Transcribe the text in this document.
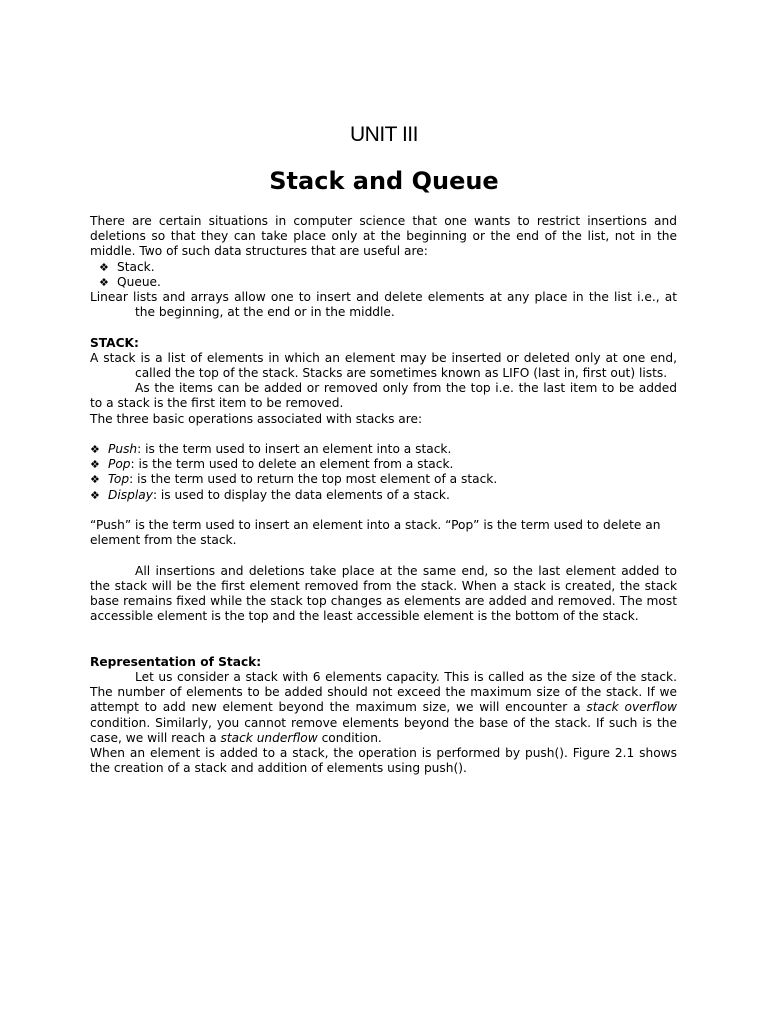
UNIT III
Stack and Queue

There are certain situations in computer science that one wants to restrict insertions and deletions so that they can take place only at the beginning or the end of the list, not in the middle. Two of such data structures that are useful are:

❖ Stack.
❖ Queue.

Linear lists and arrays allow one to insert and delete elements at any place in the list i.e., at the beginning, at the end or in the middle.

STACK:

A stack is a list of elements in which an element may be inserted or deleted only at one end, called the top of the stack. Stacks are sometimes known as LIFO (last in, first out) lists.

As the items can be added or removed only from the top i.e. the last item to be added to a stack is the first item to be removed.

The three basic operations associated with stacks are:

❖ Push: is the term used to insert an element into a stack.
❖ Pop: is the term used to delete an element from a stack.
❖ Top: is the term used to return the top most element of a stack.
❖ Display: is used to display the data elements of a stack.

“Push” is the term used to insert an element into a stack. “Pop” is the term used to delete an element from the stack.

All insertions and deletions take place at the same end, so the last element added to the stack will be the first element removed from the stack. When a stack is created, the stack base remains fixed while the stack top changes as elements are added and removed. The most accessible element is the top and the least accessible element is the bottom of the stack.

Representation of Stack:

Let us consider a stack with 6 elements capacity. This is called as the size of the stack. The number of elements to be added should not exceed the maximum size of the stack. If we attempt to add new element beyond the maximum size, we will encounter a stack overflow condition. Similarly, you cannot remove elements beyond the base of the stack. If such is the case, we will reach a stack underflow condition.

When an element is added to a stack, the operation is performed by push(). Figure 2.1 shows the creation of a stack and addition of elements using push().
